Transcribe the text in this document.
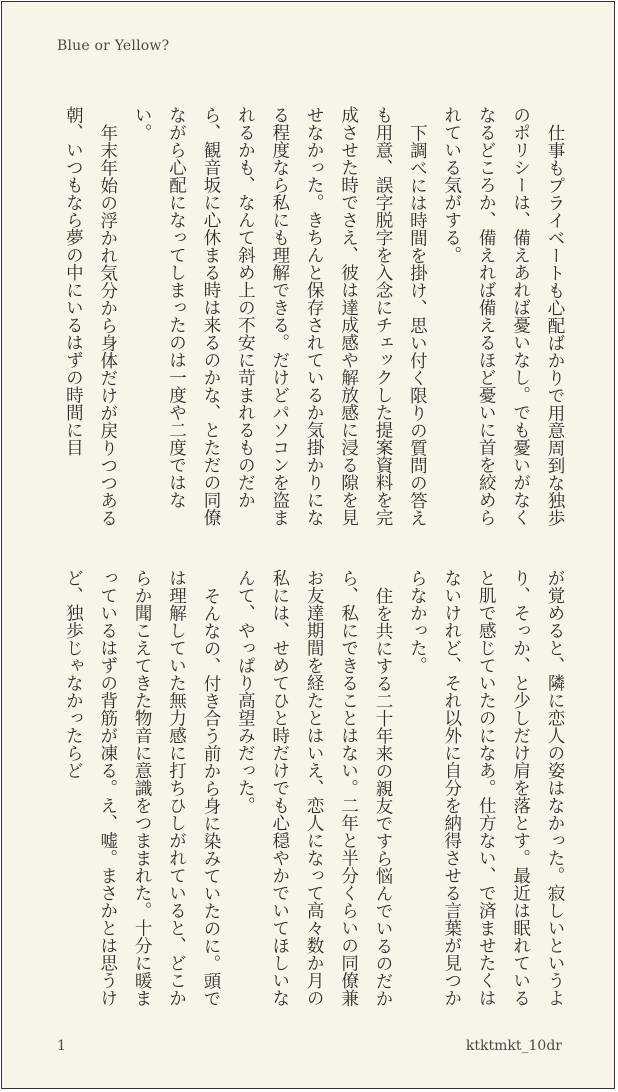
Blue or Yellow?

仕事もプライベートも心配ばかりで用意周到な独歩のポリシーは、備えあれば憂いなし。でも憂いがなくなるどころか、備えれば備えるほど憂いに首を絞められている気がする。

下調べには時間を掛け、思い付く限りの質問の答えも用意、誤字脱字を入念にチェックした提案資料を完成させた時でさえ、彼は達成感や解放感に浸る隙を見せなかった。きちんと保存されているか気掛かりになる程度なら私にも理解できる。だけどパソコンを盗まれるかも、なんて斜め上の不安に苛まれるものだから、観音坂に心休まる時は来るのかな、とただの同僚ながら心配になってしまったのは一度や二度ではない。

年末年始の浮かれ気分から身体だけが戻りつつある朝、いつもなら夢の中にいるはずの時間に目

が覚めると、隣に恋人の姿はなかった。寂しいというより、そっか、と少しだけ肩を落とす。最近は眠れていると肌で感じていたのになあ。仕方ない、で済ませたくはないけれど、それ以外に自分を納得させる言葉が見つからなかった。

住を共にする二十年来の親友ですら悩んでいるのだから、私にできることはない。二年と半分くらいの同僚兼お友達期間を経たとはいえ、恋人になって高々数か月の私には、せめてひと時だけでも心穏やかでいてほしいなんて、やっぱり高望みだった。

そんなの、付き合う前から身に染みていたのに。頭では理解していた無力感に打ちひしがれていると、どこからか聞こえてきた物音に意識をつままれた。十分に暖まっているはずの背筋が凍る。え、嘘。まさかとは思うけど、独歩じゃなかったらど

1	ktktmkt_10dr
